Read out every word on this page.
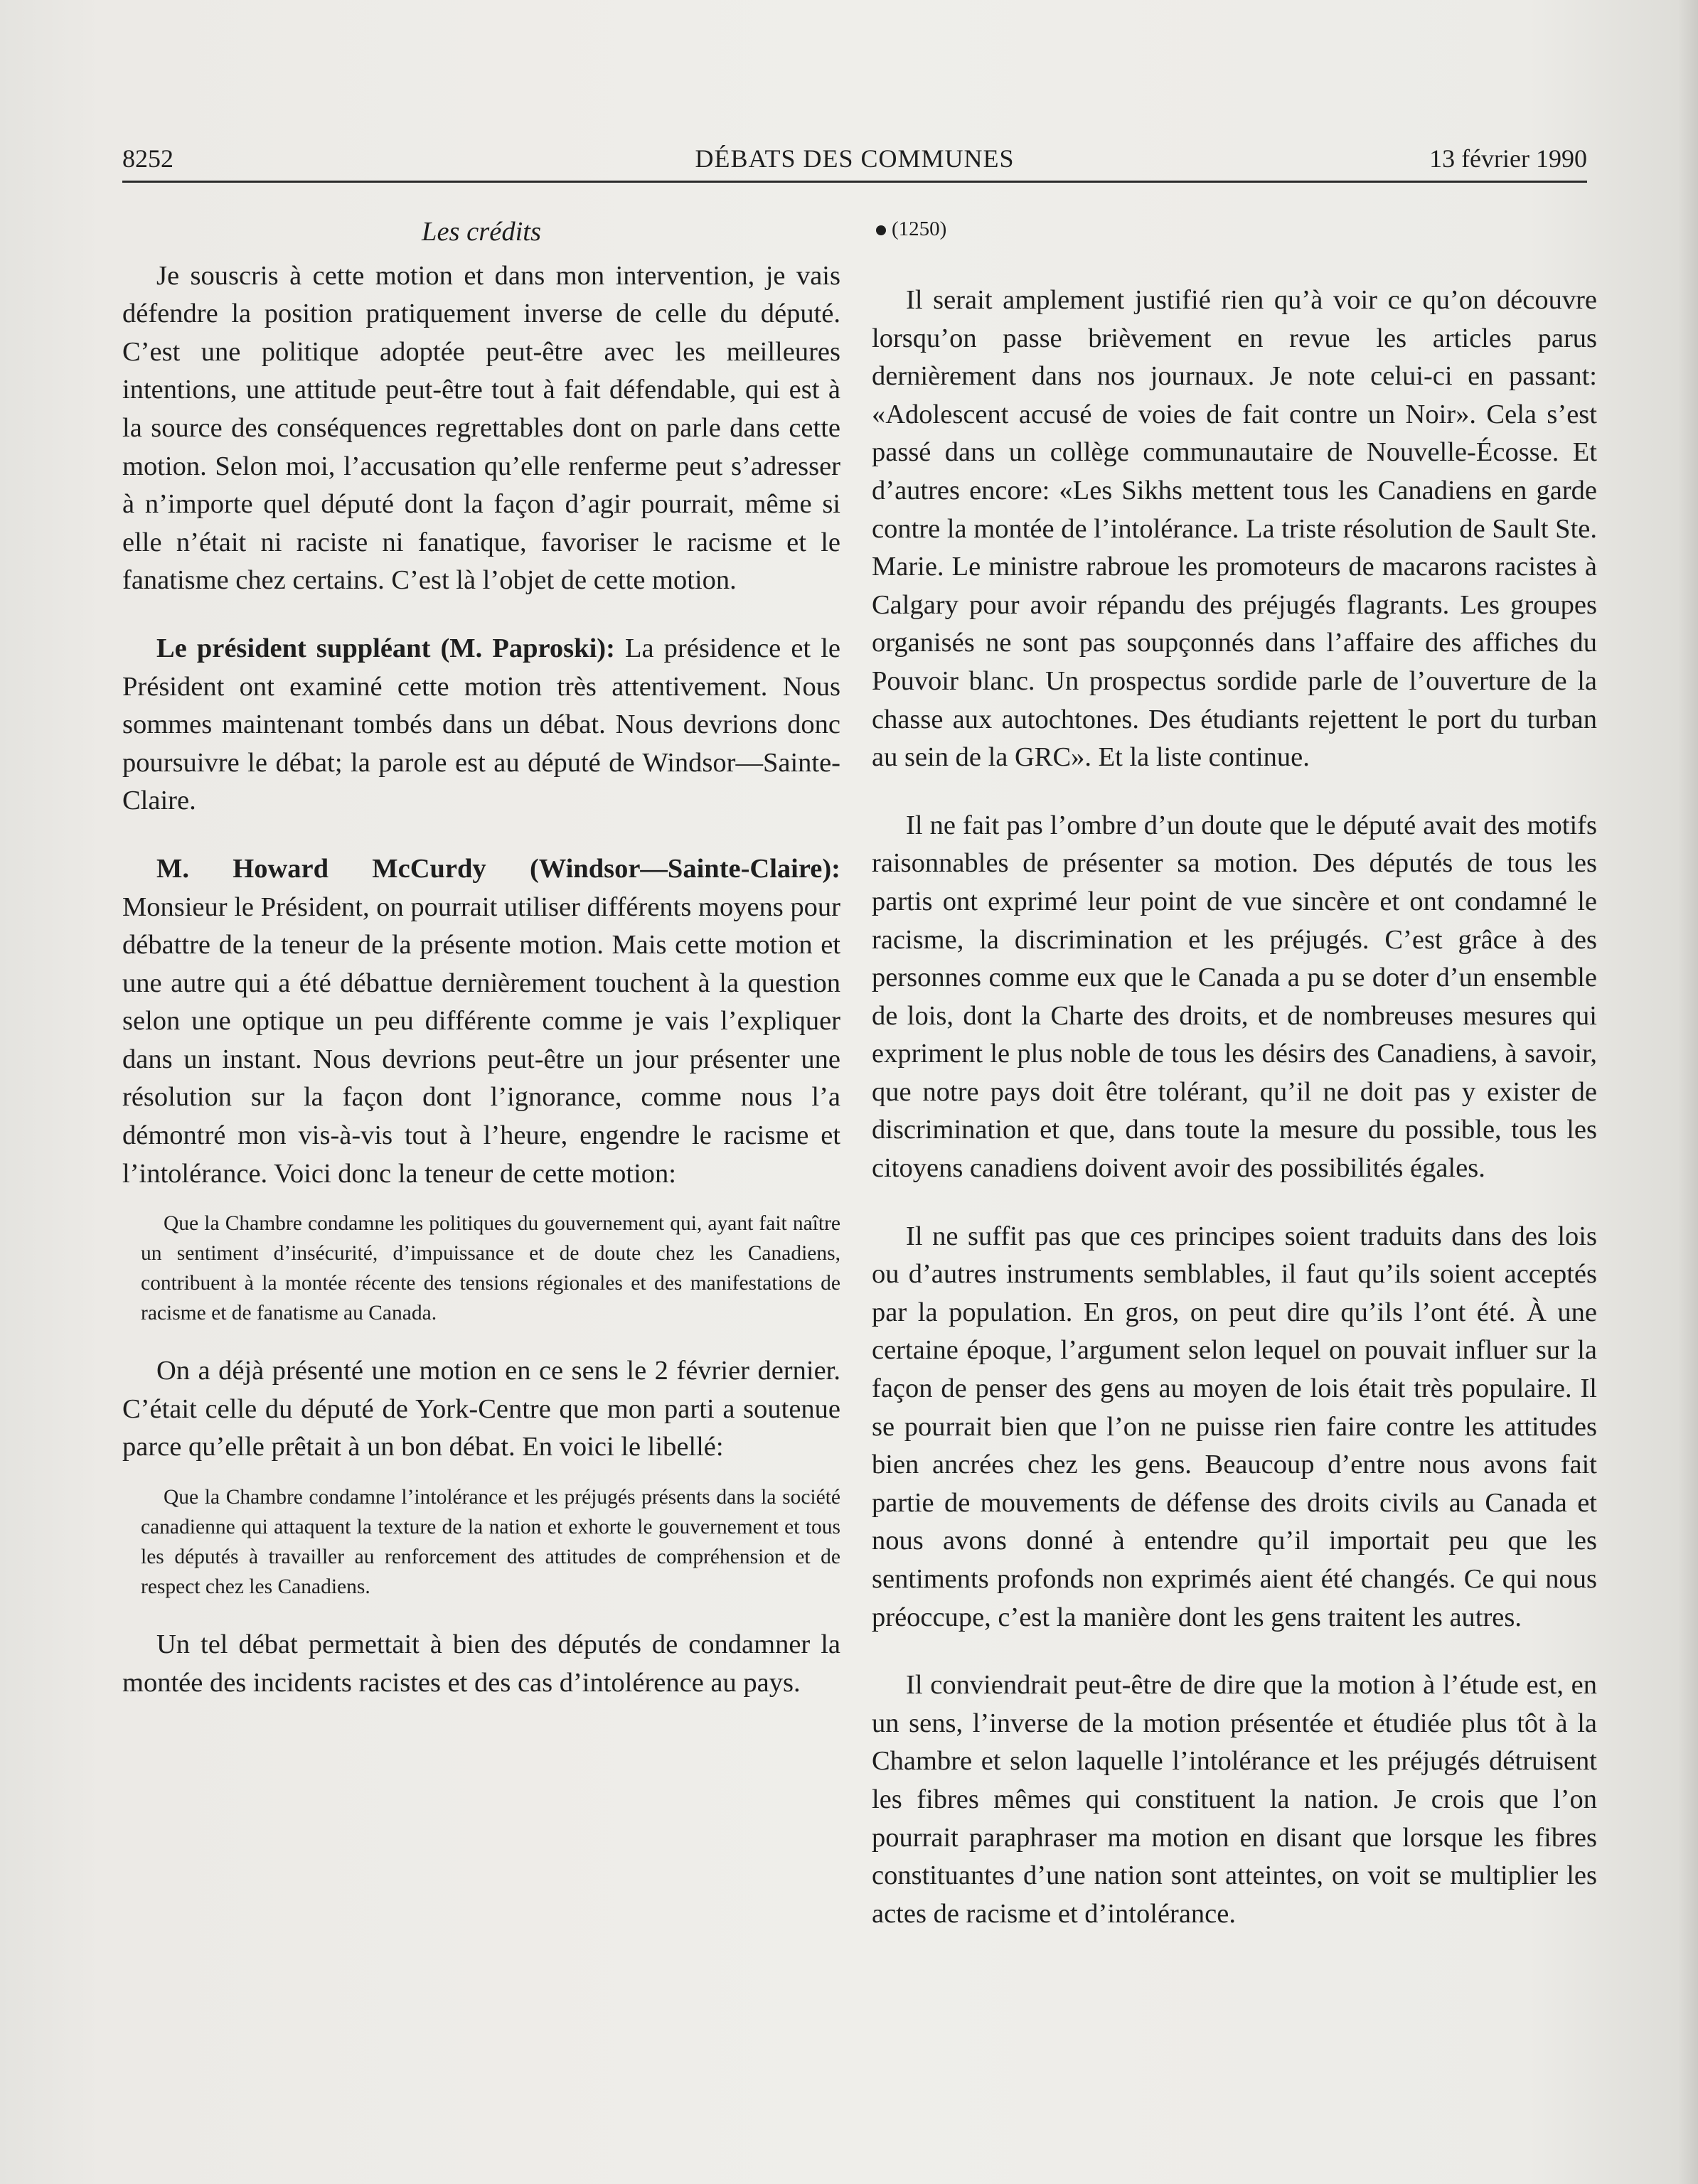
8252	DÉBATS DES COMMUNES	13 février 1990
Les crédits

Je souscris à cette motion et dans mon intervention, je vais défendre la position pratiquement inverse de celle du député. C’est une politique adoptée peut-être avec les meilleures intentions, une attitude peut-être tout à fait défendable, qui est à la source des conséquences regrettables dont on parle dans cette motion. Selon moi, l’accusation qu’elle renferme peut s’adresser à n’importe quel député dont la façon d’agir pourrait, même si elle n’était ni raciste ni fanatique, favoriser le racisme et le fanatisme chez certains. C’est là l’objet de cette motion.

Le président suppléant (M. Paproski): La présidence et le Président ont examiné cette motion très attentivement. Nous sommes maintenant tombés dans un débat. Nous devrions donc poursuivre le débat; la parole est au député de Windsor—Sainte-Claire.

M. Howard McCurdy (Windsor—Sainte-Claire): Monsieur le Président, on pourrait utiliser différents moyens pour débattre de la teneur de la présente motion. Mais cette motion et une autre qui a été débattue dernièrement touchent à la question selon une optique un peu différente comme je vais l’expliquer dans un instant. Nous devrions peut-être un jour présenter une résolution sur la façon dont l’ignorance, comme nous l’a démontré mon vis-à-vis tout à l’heure, engendre le racisme et l’intolérance. Voici donc la teneur de cette motion:

Que la Chambre condamne les politiques du gouvernement qui, ayant fait naître un sentiment d’insécurité, d’impuissance et de doute chez les Canadiens, contribuent à la montée récente des tensions régionales et des manifestations de racisme et de fanatisme au Canada.

On a déjà présenté une motion en ce sens le 2 février dernier. C’était celle du député de York-Centre que mon parti a soutenue parce qu’elle prêtait à un bon débat. En voici le libellé:

Que la Chambre condamne l’intolérance et les préjugés présents dans la société canadienne qui attaquent la texture de la nation et exhorte le gouvernement et tous les députés à travailler au renforcement des attitudes de compréhension et de respect chez les Canadiens.

Un tel débat permettait à bien des députés de condamner la montée des incidents racistes et des cas d’intolérence au pays.

(1250)

Il serait amplement justifié rien qu’à voir ce qu’on découvre lorsqu’on passe brièvement en revue les articles parus dernièrement dans nos journaux. Je note celui-ci en passant: «Adolescent accusé de voies de fait contre un Noir». Cela s’est passé dans un collège communautaire de Nouvelle-Écosse. Et d’autres encore: «Les Sikhs mettent tous les Canadiens en garde contre la montée de l’intolérance. La triste résolution de Sault Ste. Marie. Le ministre rabroue les promoteurs de macarons racistes à Calgary pour avoir répandu des préjugés flagrants. Les groupes organisés ne sont pas soupçonnés dans l’affaire des affiches du Pouvoir blanc. Un prospectus sordide parle de l’ouverture de la chasse aux autochtones. Des étudiants rejettent le port du turban au sein de la GRC». Et la liste continue.

Il ne fait pas l’ombre d’un doute que le député avait des motifs raisonnables de présenter sa motion. Des députés de tous les partis ont exprimé leur point de vue sincère et ont condamné le racisme, la discrimination et les préjugés. C’est grâce à des personnes comme eux que le Canada a pu se doter d’un ensemble de lois, dont la Charte des droits, et de nombreuses mesures qui expriment le plus noble de tous les désirs des Canadiens, à savoir, que notre pays doit être tolérant, qu’il ne doit pas y exister de discrimination et que, dans toute la mesure du possible, tous les citoyens canadiens doivent avoir des possibilités égales.

Il ne suffit pas que ces principes soient traduits dans des lois ou d’autres instruments semblables, il faut qu’ils soient acceptés par la population. En gros, on peut dire qu’ils l’ont été. À une certaine époque, l’argument selon lequel on pouvait influer sur la façon de penser des gens au moyen de lois était très populaire. Il se pourrait bien que l’on ne puisse rien faire contre les attitudes bien ancrées chez les gens. Beaucoup d’entre nous avons fait partie de mouvements de défense des droits civils au Canada et nous avons donné à entendre qu’il importait peu que les sentiments profonds non exprimés aient été changés. Ce qui nous préoccupe, c’est la manière dont les gens traitent les autres.

Il conviendrait peut-être de dire que la motion à l’étude est, en un sens, l’inverse de la motion présentée et étudiée plus tôt à la Chambre et selon laquelle l’intolérance et les préjugés détruisent les fibres mêmes qui constituent la nation. Je crois que l’on pourrait paraphraser ma motion en disant que lorsque les fibres constituantes d’une nation sont atteintes, on voit se multiplier les actes de racisme et d’intolérance.
